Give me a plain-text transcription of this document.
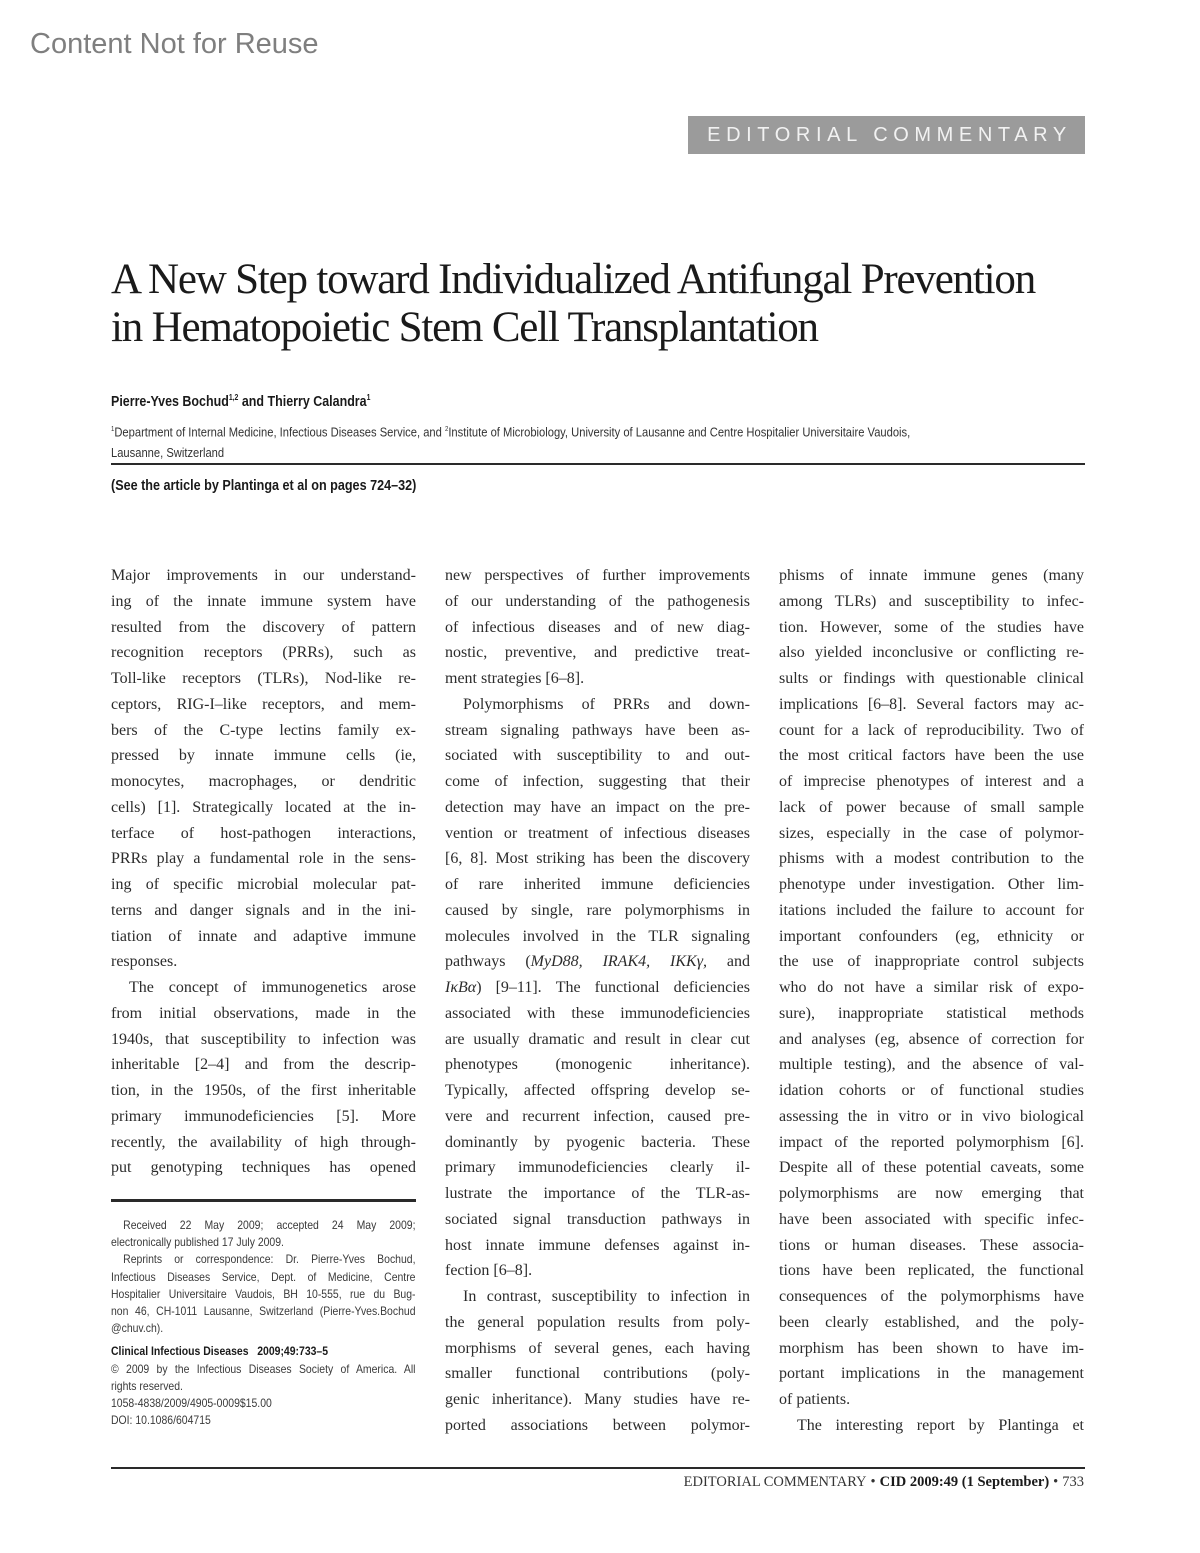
Content Not for Reuse
EDITORIAL COMMENTARY
A New Step toward Individualized Antifungal Prevention
in Hematopoietic Stem Cell Transplantation
Pierre-Yves Bochud$^{1,2}$ and Thierry Calandra$^1$
$^1$Department of Internal Medicine, Infectious Diseases Service, and $^2$Institute of Microbiology, University of Lausanne and Centre Hospitalier Universitaire Vaudois,
Lausanne, Switzerland
(See the article by Plantinga et al on pages 724–32)
Major improvements in our understand-
ing of the innate immune system have
resulted from the discovery of pattern
recognition receptors (PRRs), such as
Toll-like receptors (TLRs), Nod-like re-
ceptors, RIG-I–like receptors, and mem-
bers of the C-type lectins family ex-
pressed by innate immune cells (ie,
monocytes, macrophages, or dendritic
cells) [1]. Strategically located at the in-
terface of host-pathogen interactions,
PRRs play a fundamental role in the sens-
ing of specific microbial molecular pat-
terns and danger signals and in the ini-
tiation of innate and adaptive immune
responses.
The concept of immunogenetics arose
from initial observations, made in the
1940s, that susceptibility to infection was
inheritable [2–4] and from the descrip-
tion, in the 1950s, of the first inheritable
primary immunodeficiencies [5]. More
recently, the availability of high through-
put genotyping techniques has opened
Received 22 May 2009; accepted 24 May 2009;
electronically published 17 July 2009.
Reprints or correspondence: Dr. Pierre-Yves Bochud,
Infectious Diseases Service, Dept. of Medicine, Centre
Hospitalier Universitaire Vaudois, BH 10-555, rue du Bug-
non 46, CH-1011 Lausanne, Switzerland (Pierre-Yves.Bochud
@chuv.ch).
Clinical Infectious Diseases 2009;49:733–5
© 2009 by the Infectious Diseases Society of America. All
rights reserved.
1058-4838/2009/4905-0009$15.00
DOI: 10.1086/604715
new perspectives of further improvements
of our understanding of the pathogenesis
of infectious diseases and of new diag-
nostic, preventive, and predictive treat-
ment strategies [6–8].
Polymorphisms of PRRs and down-
stream signaling pathways have been as-
sociated with susceptibility to and out-
come of infection, suggesting that their
detection may have an impact on the pre-
vention or treatment of infectious diseases
[6, 8]. Most striking has been the discovery
of rare inherited immune deficiencies
caused by single, rare polymorphisms in
molecules involved in the TLR signaling
pathways (MyD88, IRAK4, IKKγ, and
IκBα) [9–11]. The functional deficiencies
associated with these immunodeficiencies
are usually dramatic and result in clear cut
phenotypes (monogenic inheritance).
Typically, affected offspring develop se-
vere and recurrent infection, caused pre-
dominantly by pyogenic bacteria. These
primary immunodeficiencies clearly il-
lustrate the importance of the TLR-as-
sociated signal transduction pathways in
host innate immune defenses against in-
fection [6–8].
In contrast, susceptibility to infection in
the general population results from poly-
morphisms of several genes, each having
smaller functional contributions (poly-
genic inheritance). Many studies have re-
ported associations between polymor-
phisms of innate immune genes (many
among TLRs) and susceptibility to infec-
tion. However, some of the studies have
also yielded inconclusive or conflicting re-
sults or findings with questionable clinical
implications [6–8]. Several factors may ac-
count for a lack of reproducibility. Two of
the most critical factors have been the use
of imprecise phenotypes of interest and a
lack of power because of small sample
sizes, especially in the case of polymor-
phisms with a modest contribution to the
phenotype under investigation. Other lim-
itations included the failure to account for
important confounders (eg, ethnicity or
the use of inappropriate control subjects
who do not have a similar risk of expo-
sure), inappropriate statistical methods
and analyses (eg, absence of correction for
multiple testing), and the absence of val-
idation cohorts or of functional studies
assessing the in vitro or in vivo biological
impact of the reported polymorphism [6].
Despite all of these potential caveats, some
polymorphisms are now emerging that
have been associated with specific infec-
tions or human diseases. These associa-
tions have been replicated, the functional
consequences of the polymorphisms have
been clearly established, and the poly-
morphism has been shown to have im-
portant implications in the management
of patients.
The interesting report by Plantinga et
EDITORIAL COMMENTARY • CID 2009:49 (1 September) • 733
